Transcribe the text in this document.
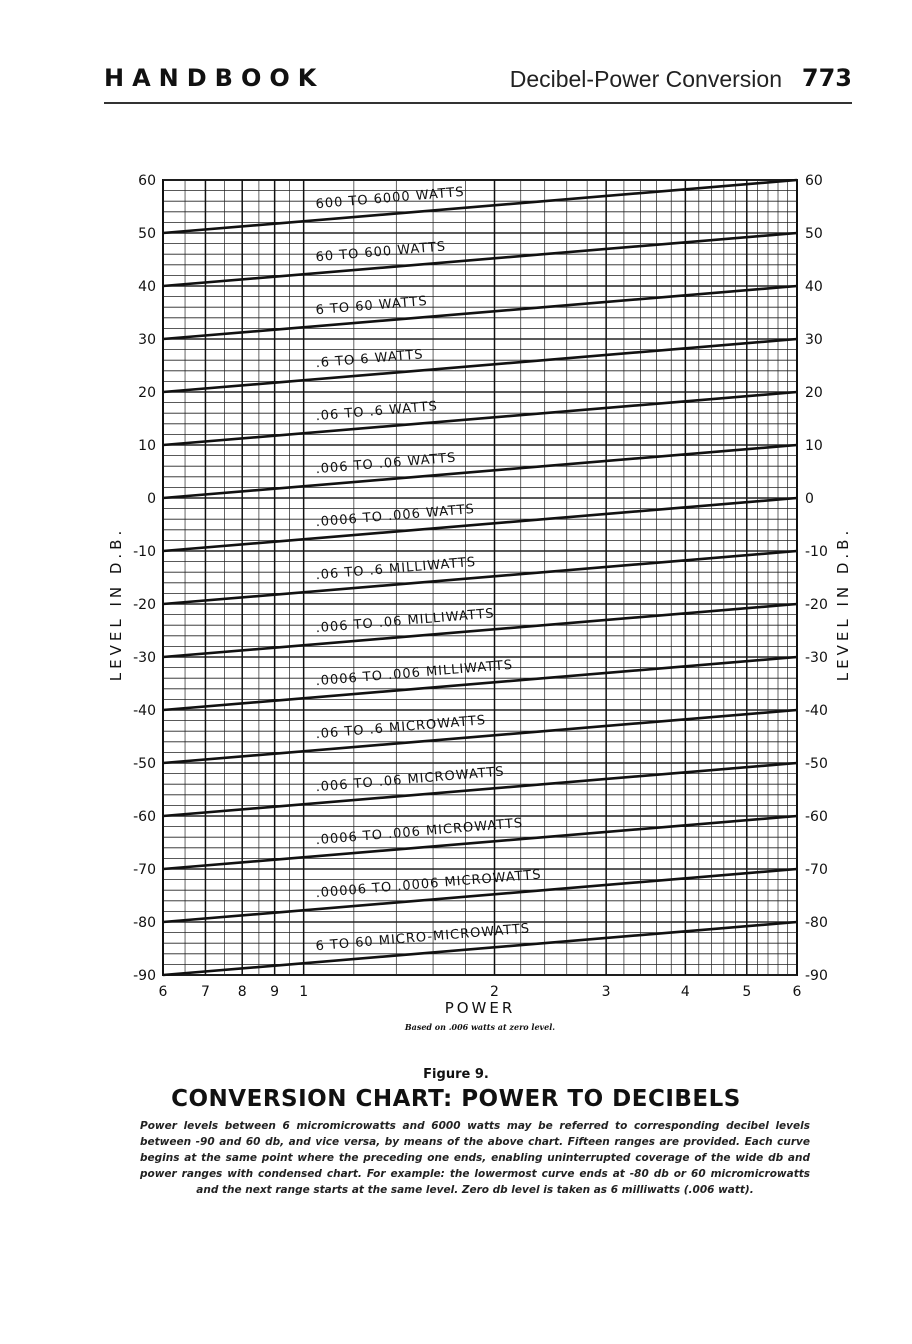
HANDBOOK	Decibel-Power Conversion 773
600 TO 6000 WATTS
60 TO 600 WATTS
6 TO 60 WATTS
.6 TO 6 WATTS
.06 TO .6 WATTS
.006 TO .06 WATTS
.0006 TO .006 WATTS
.06 TO .6 MILLIWATTS
.006 TO .06 MILLIWATTS
.0006 TO .006 MILLIWATTS
.06 TO .6 MICROWATTS
.006 TO .06 MICROWATTS
.0006 TO .006 MICROWATTS
.00006 TO .0006 MICROWATTS
6 TO 60 MICRO-MICROWATTS
60	60
50	50
40	40
30	30
20	20
10	10
0	0
-10	-10
-20	-20
-30	-30
-40	-40
-50	-50
-60	-60
-70	-70
-80	-80
-90	-90
6 7 8 9 1	2	3	4	5	6
POWER
Based on .006 watts at zero level.
LEVEL IN D.B.	LEVEL IN D.B.
Figure 9.
CONVERSION CHART: POWER TO DECIBELS
Power levels between 6 micromicrowatts and 6000 watts may be referred to corresponding decibel levels between -90 and 60 db, and vice versa, by means of the above chart. Fifteen ranges are provided. Each curve begins at the same point where the preceding one ends, enabling uninterrupted coverage of the wide db and power ranges with condensed chart. For example: the lowermost curve ends at -80 db or 60 micromicrowatts and the next range starts at the same level. Zero db level is taken as 6 milliwatts (.006 watt).
